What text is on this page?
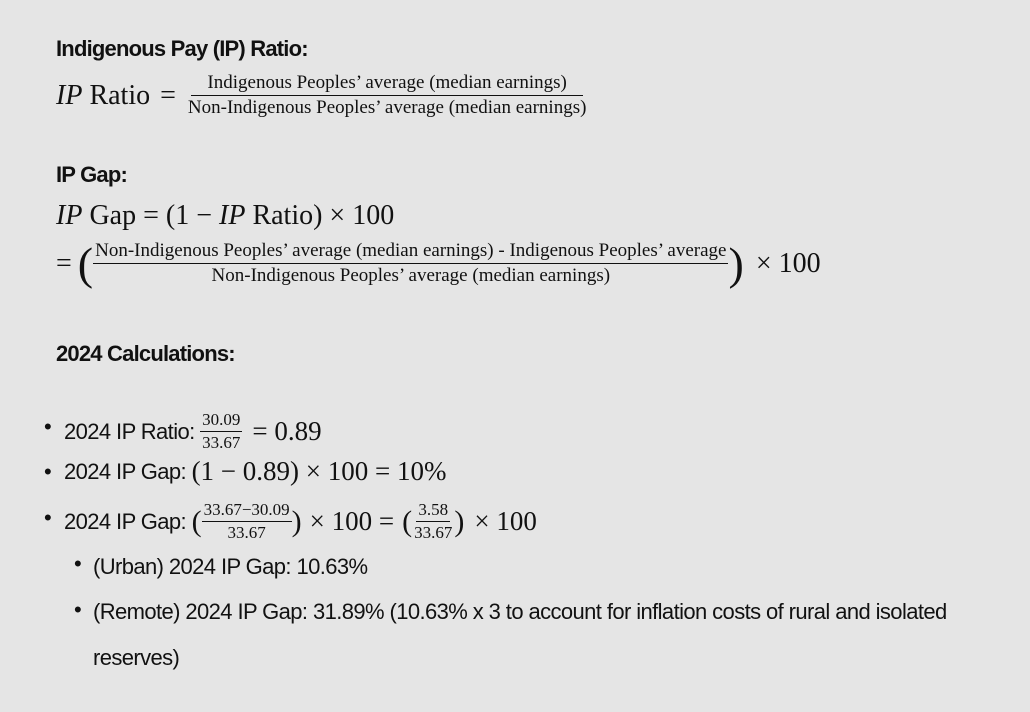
Indigenous Pay (IP) Ratio:
IP Ratio = $\frac{\text{Indigenous Peoples’ average (median earnings)}}{\text{Non-Indigenous Peoples’ average (median earnings)}}$
IP Gap:
IP Gap = (1 − IP Ratio) × 100
= ( Non-Indigenous Peoples’ average (median earnings) - Indigenous Peoples’ average
Non-Indigenous Peoples’ average (median earnings)	) × 100
2024 Calculations:
• 2024 IP Ratio: $\frac{30.09}{33.67} = 0.89$
• 2024 IP Gap: (1 − 0.89) × 100 = 10%
• 2024 IP Gap: ( $\frac{33.67-30.09}{33.67}$ ) × 100 = ( $\frac{3.58}{33.67}$ ) × 100
• (Urban) 2024 IP Gap: 10.63%
• (Remote) 2024 IP Gap: 31.89% (10.63% x 3 to account for inflation costs of rural and isolated
reserves)
